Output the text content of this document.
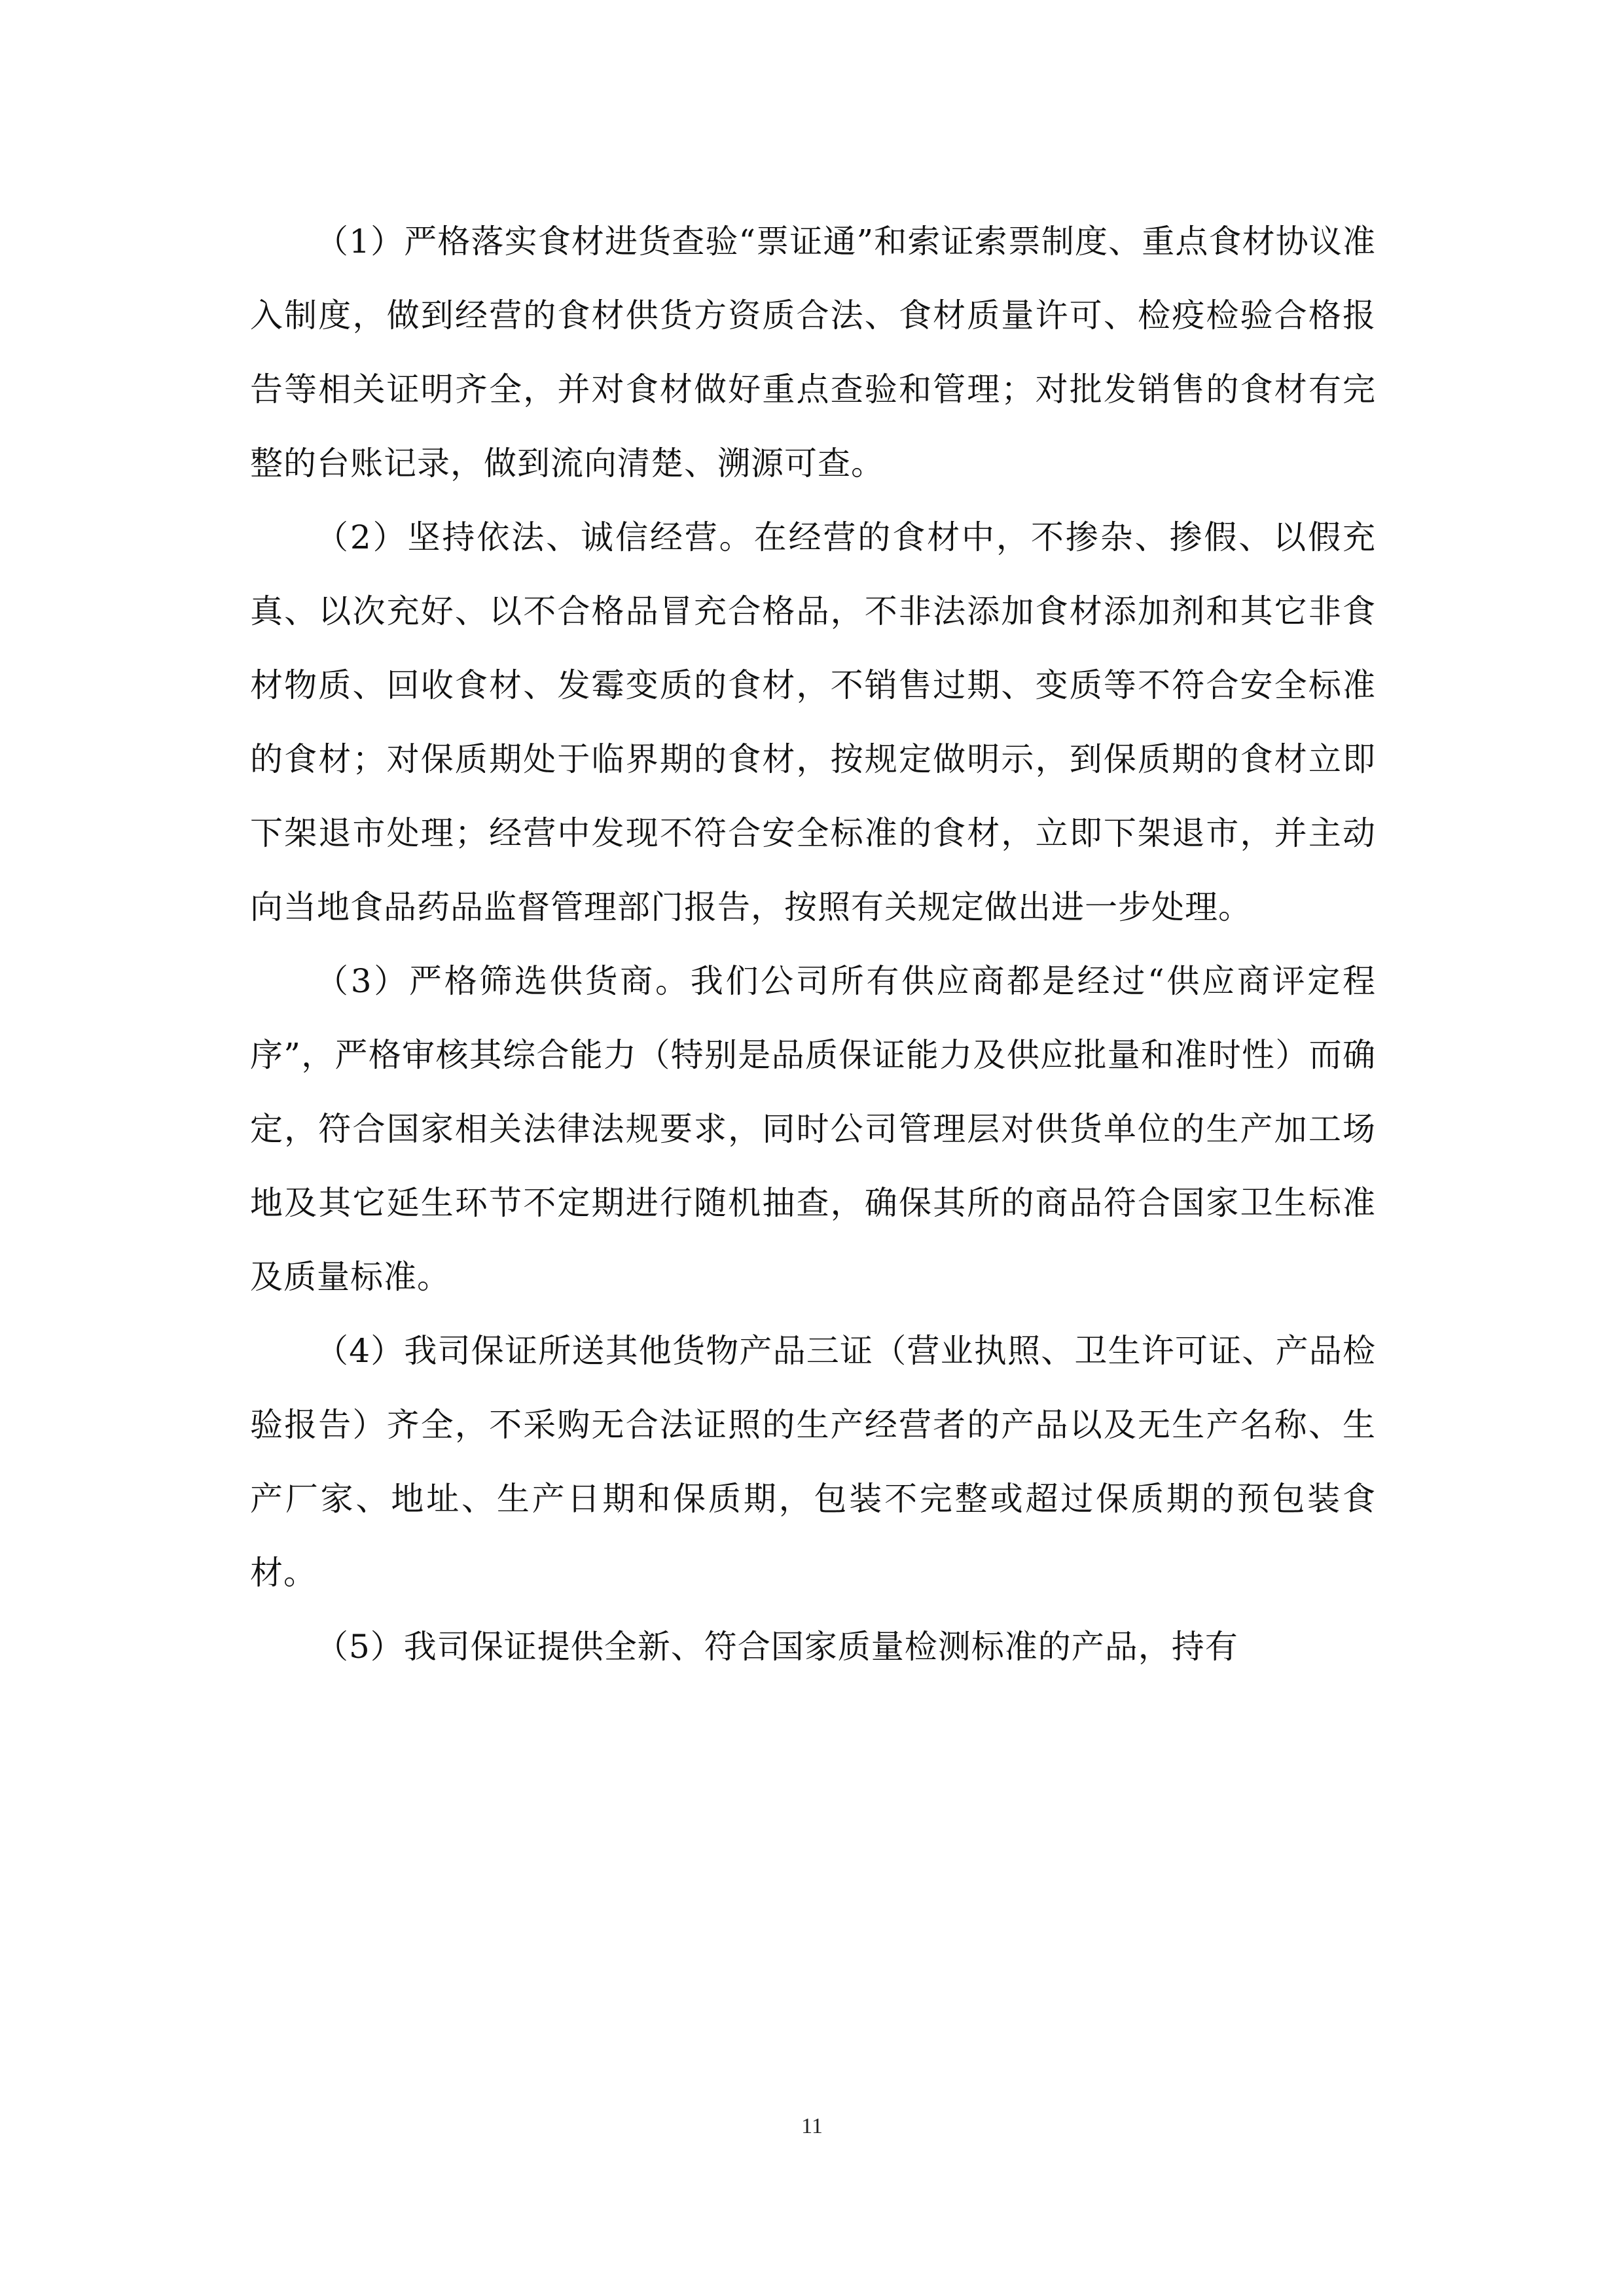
（1）严格落实食材进货查验“票证通”和索证索票制度、重点食材协议准入制度，做到经营的食材供货方资质合法、食材质量许可、检疫检验合格报告等相关证明齐全，并对食材做好重点查验和管理；对批发销售的食材有完整的台账记录，做到流向清楚、溯源可查。

（2）坚持依法、诚信经营。在经营的食材中，不掺杂、掺假、以假充真、以次充好、以不合格品冒充合格品，不非法添加食材添加剂和其它非食材物质、回收食材、发霉变质的食材，不销售过期、变质等不符合安全标准的食材；对保质期处于临界期的食材，按规定做明示，到保质期的食材立即下架退市处理；经营中发现不符合安全标准的食材，立即下架退市，并主动向当地食品药品监督管理部门报告，按照有关规定做出进一步处理。

（3）严格筛选供货商。我们公司所有供应商都是经过“供应商评定程序”，严格审核其综合能力（特别是品质保证能力及供应批量和准时性）而确定，符合国家相关法律法规要求，同时公司管理层对供货单位的生产加工场地及其它延生环节不定期进行随机抽查，确保其所的商品符合国家卫生标准及质量标准。

（4）我司保证所送其他货物产品三证（营业执照、卫生许可证、产品检验报告）齐全，不采购无合法证照的生产经营者的产品以及无生产名称、生产厂家、地址、生产日期和保质期，包装不完整或超过保质期的预包装食材。

（5）我司保证提供全新、符合国家质量检测标准的产品，持有

11
